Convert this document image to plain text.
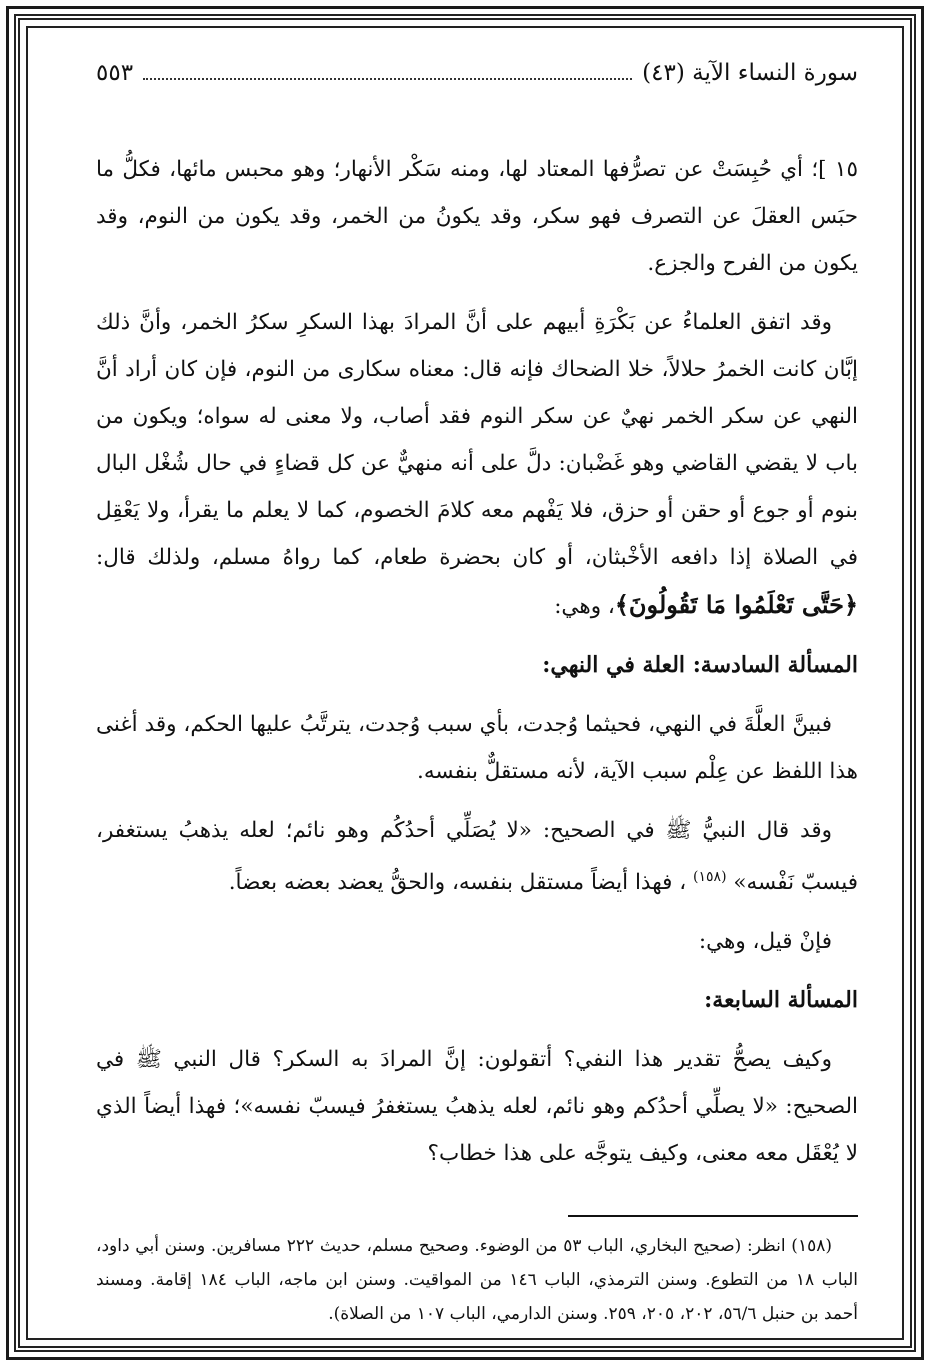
سورة النساء الآية (٤٣)
٥٥٣

١٥ ]؛ أي حُبِسَتْ عن تصرُّفها المعتاد لها، ومنه سَكْر الأنهار؛ وهو محبس مائها، فكلُّ ما حبَس العقلَ عن التصرف فهو سكر، وقد يكونُ من الخمر، وقد يكون من النوم، وقد يكون من الفرح والجزع.

وقد اتفق العلماءُ عن بَكْرَةِ أبيهم على أنَّ المرادَ بهذا السكرِ سكرُ الخمر، وأنَّ ذلك إبَّان كانت الخمرُ حلالاً، خلا الضحاك فإنه قال: معناه سكارى من النوم، فإن كان أراد أنَّ النهي عن سكر الخمر نهيٌ عن سكر النوم فقد أصاب، ولا معنى له سواه؛ ويكون من باب لا يقضي القاضي وهو غَضْبان: دلَّ على أنه منهيٌّ عن كل قضاءٍ في حال شُغْل البال بنوم أو جوع أو حقن أو حزق، فلا يَفْهم معه كلامَ الخصوم، كما لا يعلم ما يقرأ، ولا يَعْقِل في الصلاة إذا دافعه الأخْبثان، أو كان بحضرة طعام، كما رواهُ مسلم، ولذلك قال: ﴿حَتَّى تَعْلَمُوا مَا تَقُولُونَ﴾، وهي:

المسألة السادسة: العلة في النهي:

فبينَّ العلَّةَ في النهي، فحيثما وُجدت، بأي سبب وُجدت، يترتَّبُ عليها الحكم، وقد أغنى هذا اللفظ عن عِلْم سبب الآية، لأنه مستقلٌّ بنفسه.

وقد قال النبيُّ ﷺ في الصحيح: «لا يُصَلِّي أحدُكُم وهو نائم؛ لعله يذهبُ يستغفر، فيسبّ نَفْسه» $^{(١٥٨)}$ ، فهذا أيضاً مستقل بنفسه، والحقُّ يعضد بعضه بعضاً.

فإنْ قيل، وهي:

المسألة السابعة:

وكيف يصحُّ تقدير هذا النفي؟ أتقولون: إنَّ المرادَ به السكر؟ قال النبي ﷺ في الصحيح: «لا يصلِّي أحدُكم وهو نائم، لعله يذهبُ يستغفرُ فيسبّ نفسه»؛ فهذا أيضاً الذي لا يُعْقَل معه معنى، وكيف يتوجَّه على هذا خطاب؟

(١٥٨) انظر: (صحيح البخاري، الباب ٥٣ من الوضوء. وصحيح مسلم، حديث ٢٢٢ مسافرين. وسنن أبي داود، الباب ١٨ من التطوع. وسنن الترمذي، الباب ١٤٦ من المواقيت. وسنن ابن ماجه، الباب ١٨٤ إقامة. ومسند أحمد بن حنبل ٥٦/٦، ٢٠٢، ٢٠٥، ٢٥٩. وسنن الدارمي، الباب ١٠٧ من الصلاة).
